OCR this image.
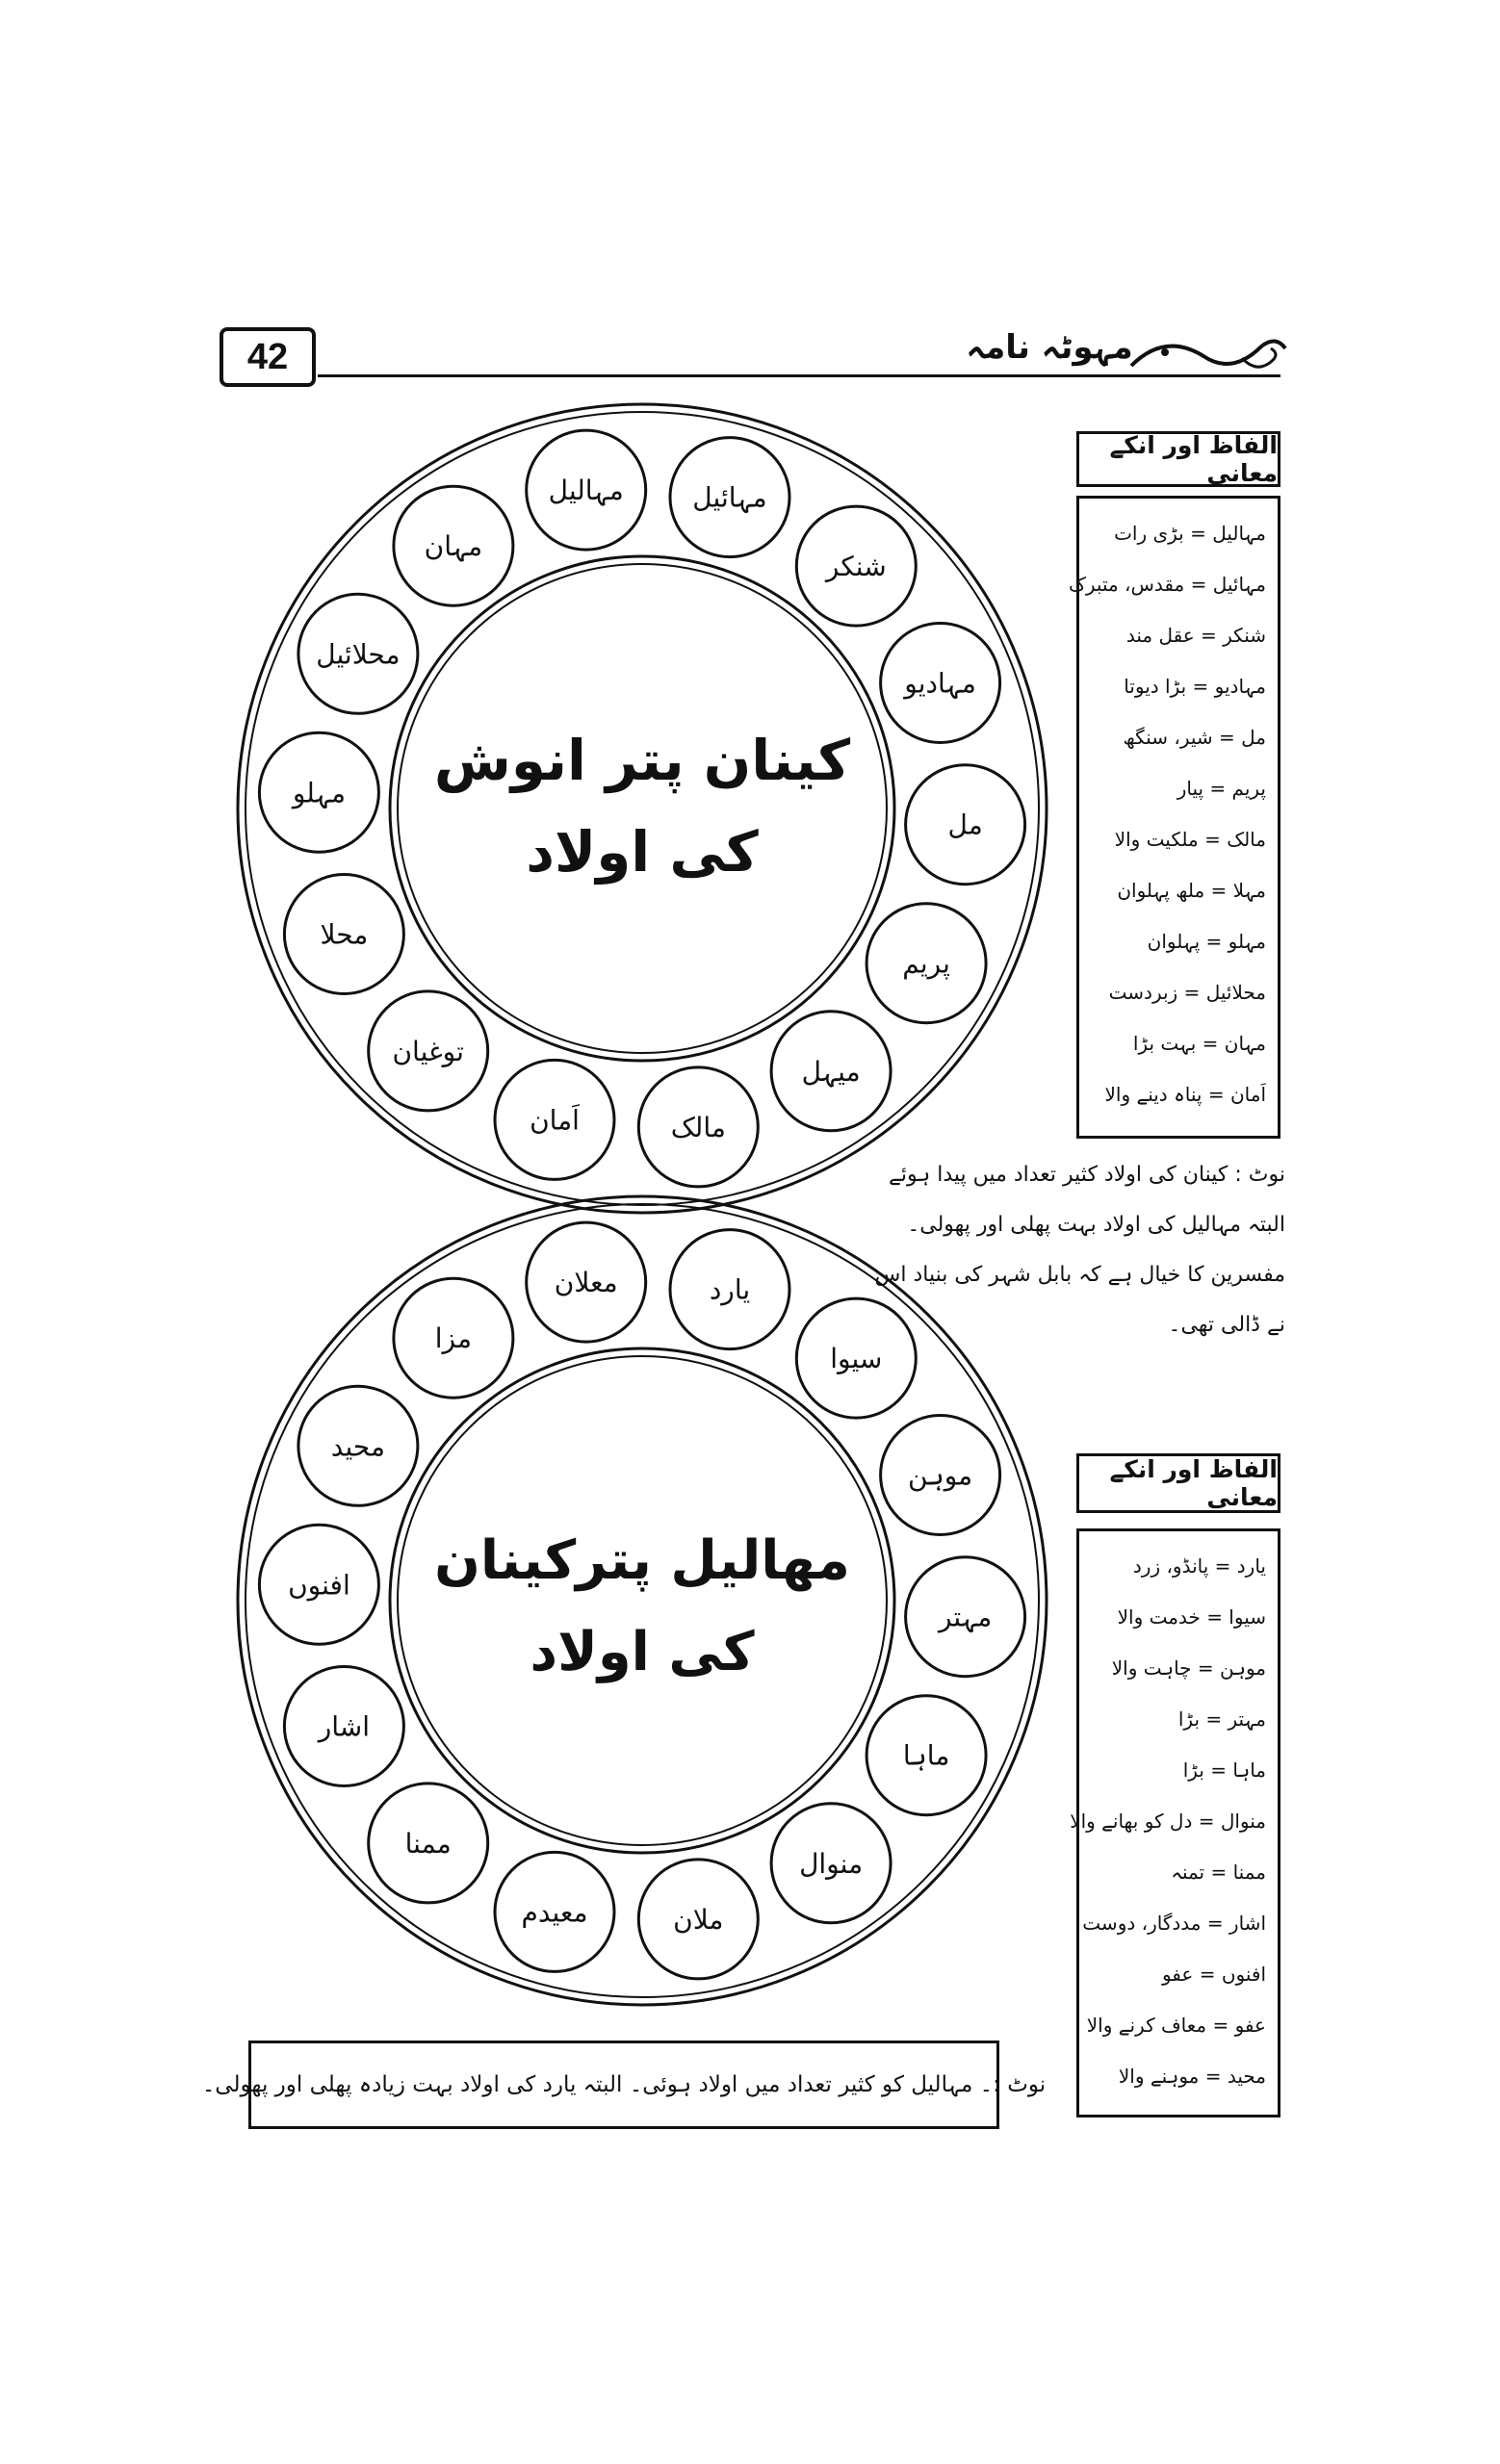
42	مہوٹہ نامہ
کینان پتر انوش
کی اولاد
مہالیل	مہائیل
شنکر
مہادیو
مل
پریم
میہل
مالک
اَمان
توغیان
محلا
مہلو
محلائیل
مہان
مهاليل پترکینان
کی اولاد
معلان	یارد
سیوا
موہن
مہتر
ماہا
منوال
ملان
معیدم
ممنا
اشار
افنوں
محید
مزا
الفاظ اور انکے معانی
مہالیل = بڑی رات
مہائیل = مقدس، متبرک
شنکر = عقل مند
مہادیو = بڑا دیوتا
مل = شیر، سنگھ
پریم = پیار
مالک = ملکیت والا
مہلا = ملھ پہلوان
مہلو = پہلوان
محلائیل = زبردست
مہان = بہت بڑا
اَمان = پناہ دینے والا
نوٹ : کینان کی اولاد کثیر تعداد میں پیدا ہوئے
البتہ مہالیل کی اولاد بہت پھلی اور پھولی۔
مفسرین کا خیال ہے کہ بابل شہر کی بنیاد اس
نے ڈالی تھی۔
الفاظ اور انکے معانی
یارد = پانڈو، زرد
سیوا = خدمت والا
موہن = چاہت والا
مہتر = بڑا
ماہا = بڑا
منوال = دل کو بھانے والا
ممنا = تمنہ
اشار = مددگار، دوست
افنوں = عفو
عفو = معاف کرنے والا
محید = موہنے والا
نوٹ :۔ مہالیل کو کثیر تعداد میں اولاد ہوئی۔ البتہ یارد کی اولاد بہت زیادہ پھلی اور پھولی۔
